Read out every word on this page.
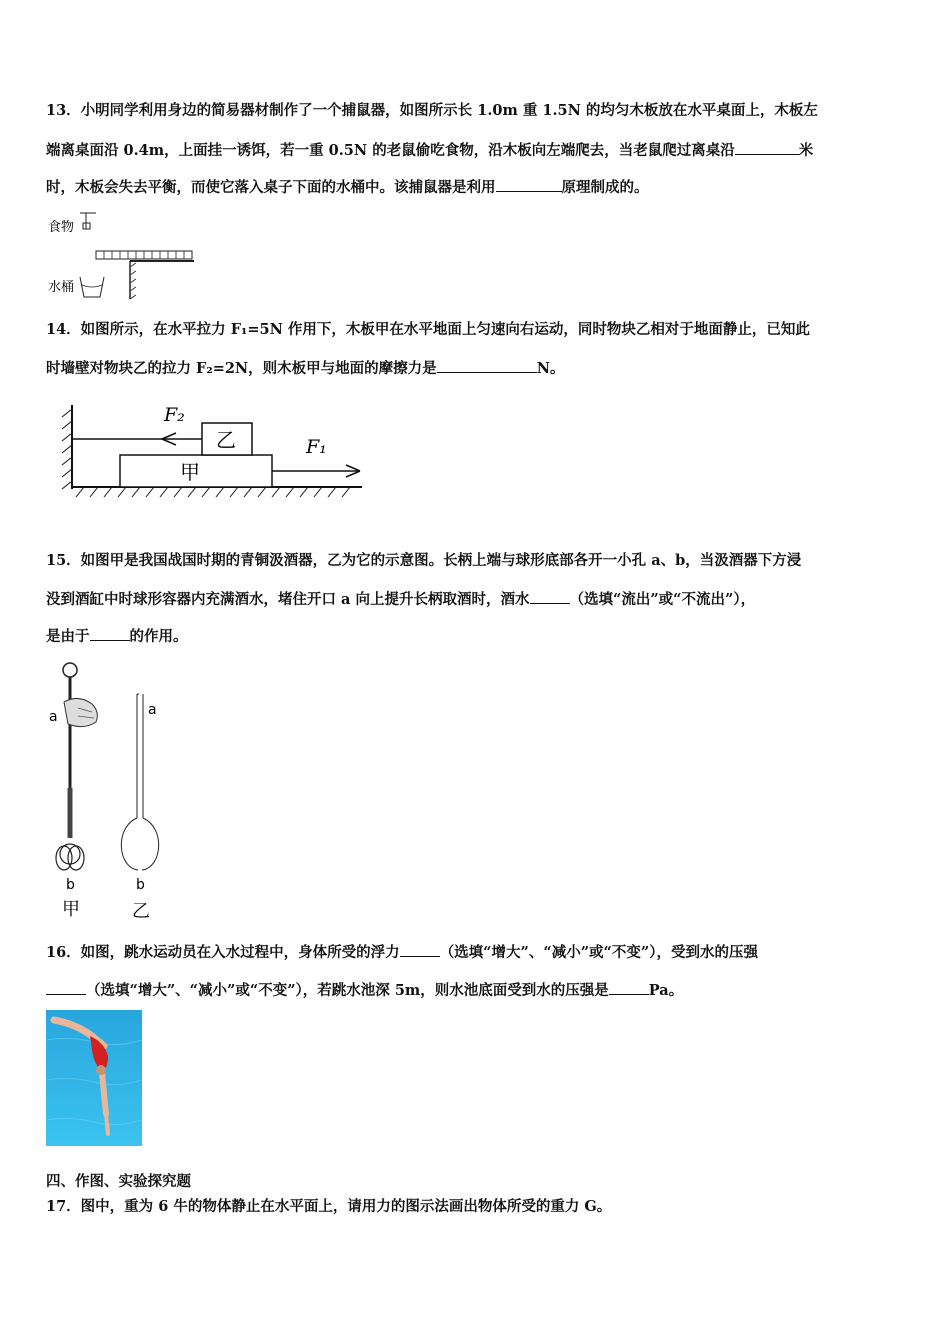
13．小明同学利用身边的简易器材制作了一个捕鼠器，如图所示长 1.0m 重 1.5N 的均匀木板放在水平桌面上，木板左
端离桌面沿 0.4m，上面挂一诱饵，若一重 0.5N 的老鼠偷吃食物，沿木板向左端爬去，当老鼠爬过离桌沿	米
时，木板会失去平衡，而使它落入桌子下面的水桶中。该捕鼠器是利用	原理制成的。
食物
水桶
14．如图所示，在水平拉力 F₁=5N 作用下，木板甲在水平地面上匀速向右运动，同时物块乙相对于地面静止，已知此
时墙壁对物块乙的拉力 F₂=2N，则木板甲与地面的摩擦力是	N。
甲
乙
F₂
F₁
15．如图甲是我国战国时期的青铜汲酒器，乙为它的示意图。长柄上端与球形底部各开一小孔 a、b，当汲酒器下方浸
没到酒缸中时球形容器内充满酒水，堵住开口 a 向上提升长柄取酒时，酒水	（选填“流出”或“不流出”），
是由于	的作用。
a
b
甲
a
b
乙
16．如图，跳水运动员在入水过程中，身体所受的浮力	（选填“增大”、“减小”或“不变”），受到水的压强
（选填“增大”、“减小”或“不变”），若跳水池深 5m，则水池底面受到水的压强是	Pa。
四、作图、实验探究题
17．图中，重为 6 牛的物体静止在水平面上，请用力的图示法画出物体所受的重力 G。
